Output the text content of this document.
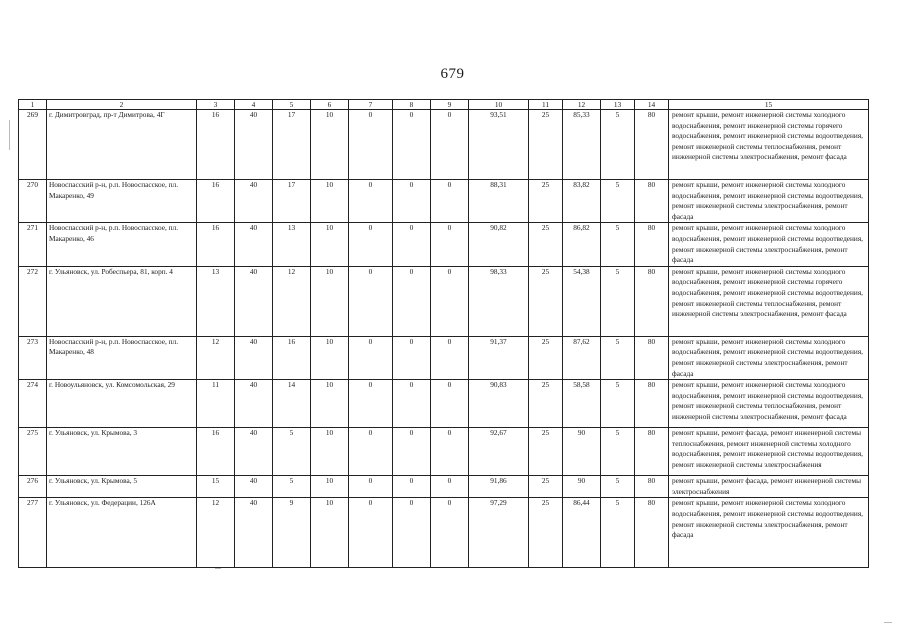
679
1	2	3	4	5	6	7	8	9	10	11	12	13	14	15
269	г. Димитровград, пр-т Димитрова, 4Г	16	40	17	10	0	0	0	93,51	25	85,33	5	80	ремонт крыши, ремонт инженерной системы холодного водоснабжения, ремонт инженерной системы горячего водоснабжения, ремонт инженерной системы водоотведения, ремонт инженерной системы теплоснабжения, ремонт инженерной системы электроснабжения, ремонт фасада
270	Новоспасский р-н, р.п. Новоспасское, пл. Макаренко, 49	16	40	17	10	0	0	0	88,31	25	83,82	5	80	ремонт крыши, ремонт инженерной системы холодного водоснабжения, ремонт инженерной системы водоотведения, ремонт инженерной системы электроснабжения, ремонт фасада
271	Новоспасский р-н, р.п. Новоспасское, пл. Макаренко, 46	16	40	13	10	0	0	0	90,82	25	86,82	5	80	ремонт крыши, ремонт инженерной системы холодного водоснабжения, ремонт инженерной системы водоотведения, ремонт инженерной системы электроснабжения, ремонт фасада
272	г. Ульяновск, ул. Робеспьера, 81, корп. 4	13	40	12	10	0	0	0	98,33	25	54,38	5	80	ремонт крыши, ремонт инженерной системы холодного водоснабжения, ремонт инженерной системы горячего водоснабжения, ремонт инженерной системы водоотведения, ремонт инженерной системы теплоснабжения, ремонт инженерной системы электроснабжения, ремонт фасада
273	Новоспасский р-н, р.п. Новоспасское, пл. Макаренко, 48	12	40	16	10	0	0	0	91,37	25	87,62	5	80	ремонт крыши, ремонт инженерной системы холодного водоснабжения, ремонт инженерной системы водоотведения, ремонт инженерной системы электроснабжения, ремонт фасада
274	г. Новоульяновск, ул. Комсомольская, 29	11	40	14	10	0	0	0	90,83	25	58,58	5	80	ремонт крыши, ремонт инженерной системы холодного водоснабжения, ремонт инженерной системы водоотведения, ремонт инженерной системы теплоснабжения, ремонт инженерной системы электроснабжения, ремонт фасада
275	г. Ульяновск, ул. Крымова, 3	16	40	5	10	0	0	0	92,67	25	90	5	80	ремонт крыши, ремонт фасада, ремонт инженерной системы теплоснабжения, ремонт инженерной системы холодного водоснабжения, ремонт инженерной системы водоотведения, ремонт инженерной системы электроснабжения
276	г. Ульяновск, ул. Крымова, 5	15	40	5	10	0	0	0	91,86	25	90	5	80	ремонт крыши, ремонт фасада, ремонт инженерной системы электроснабжения
277	г. Ульяновск, ул. Федерации, 126А	12	40	9	10	0	0	0	97,29	25	86,44	5	80	ремонт крыши, ремонт инженерной системы холодного водоснабжения, ремонт инженерной системы водоотведения, ремонт инженерной системы электроснабжения, ремонт фасада
